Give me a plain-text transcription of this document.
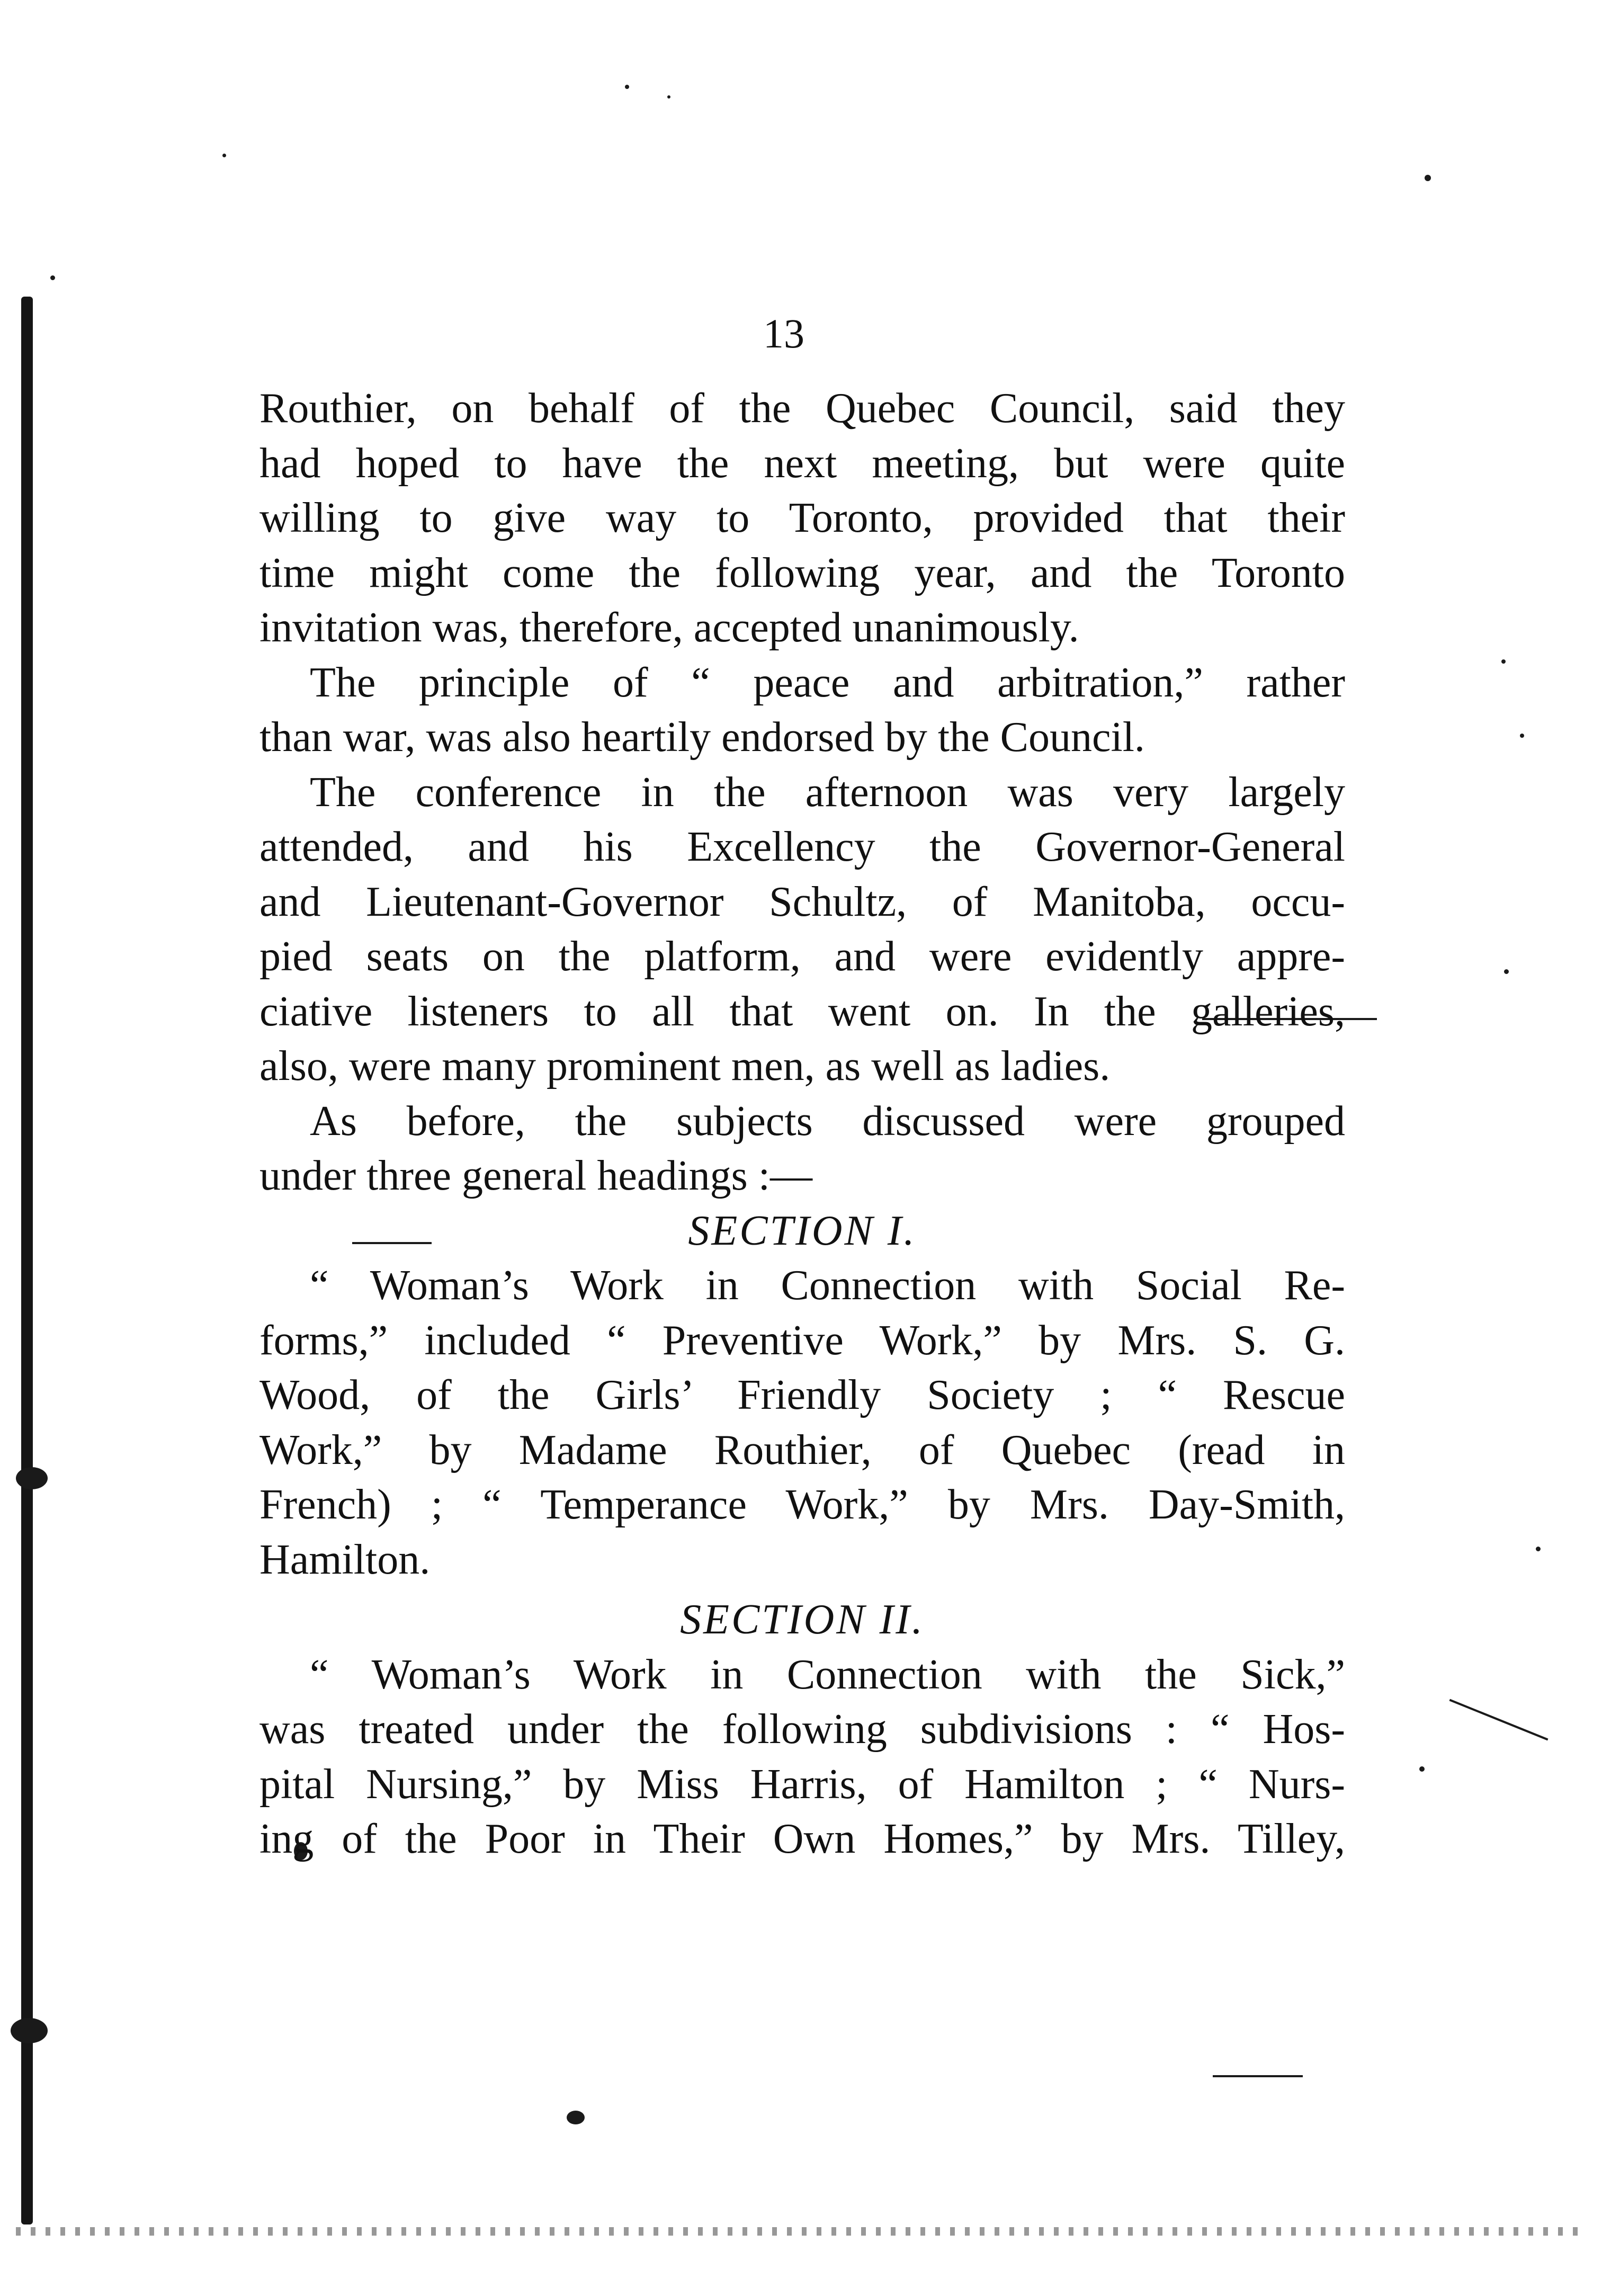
13
Routhier, on behalf of the Quebec Council, said they
had hoped to have the next meeting, but were quite
willing to give way to Toronto, provided that their
time might come the following year, and the Toronto
invitation was, therefore, accepted unanimously.
The principle of “ peace and arbitration,” rather
than war, was also heartily endorsed by the Council.
The conference in the afternoon was very largely
attended, and his Excellency the Governor-General
and Lieutenant-Governor Schultz, of Manitoba, occu-
pied seats on the platform, and were evidently appre-
ciative listeners to all that went on. In the galleries,
also, were many prominent men, as well as ladies.
As before, the subjects discussed were grouped
under three general headings :—
SECTION I.
“ Woman’s Work in Connection with Social Re-
forms,” included “ Preventive Work,” by Mrs. S. G.
Wood, of the Girls’ Friendly Society ; “ Rescue
Work,” by Madame Routhier, of Quebec (read in
French) ; “ Temperance Work,” by Mrs. Day-Smith,
Hamilton.
SECTION II.
“ Woman’s Work in Connection with the Sick,”
was treated under the following subdivisions : “ Hos-
pital Nursing,” by Miss Harris, of Hamilton ; “ Nurs-
ing of the Poor in Their Own Homes,” by Mrs. Tilley,
